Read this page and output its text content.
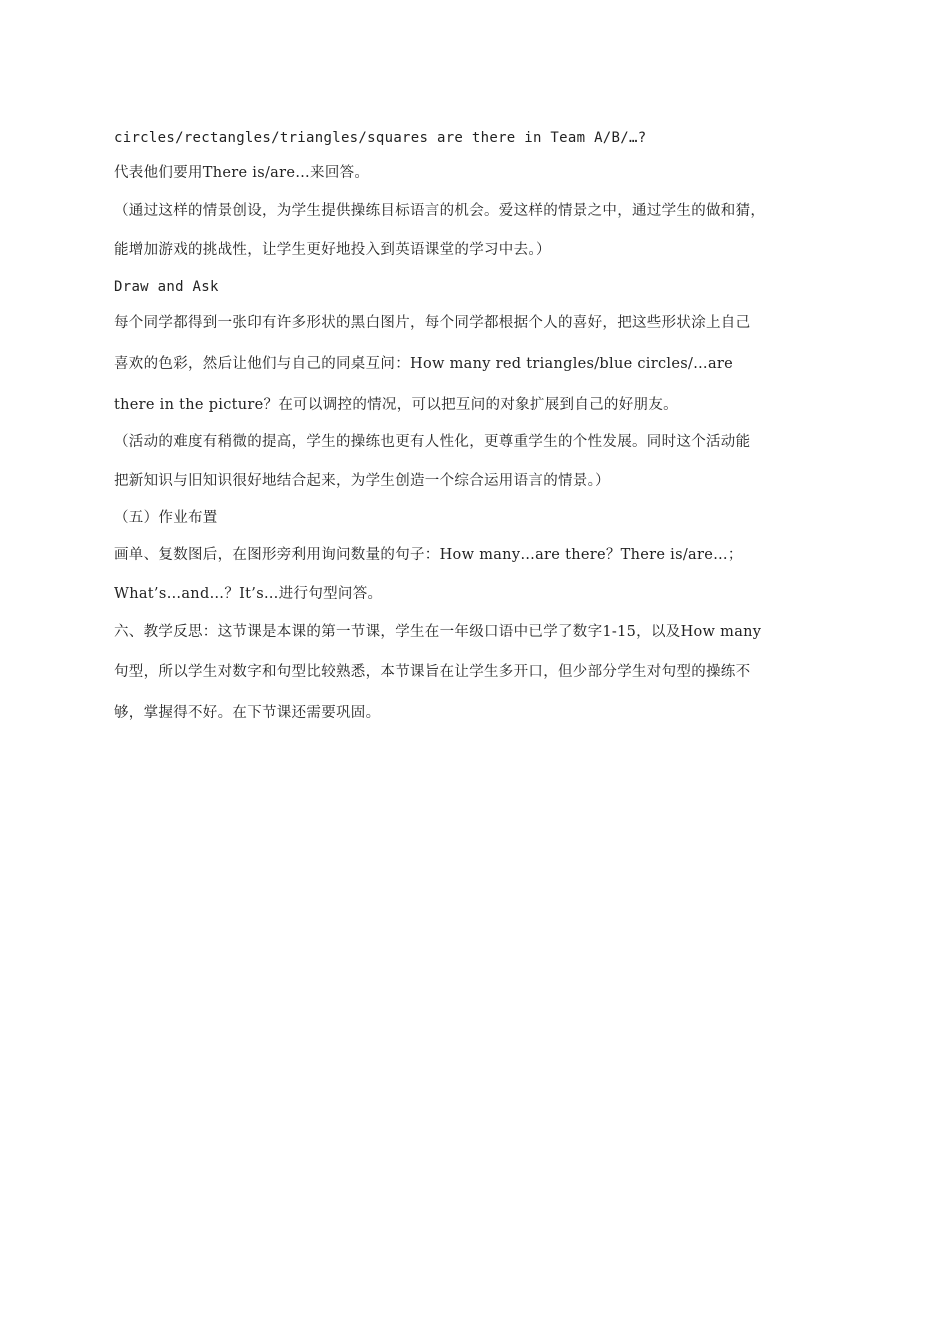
circles/rectangles/triangles/squares are there in Team A/B/…?
代表他们要用There is/are…来回答。
（通过这样的情景创设，为学生提供操练目标语言的机会。爱这样的情景之中，通过学生的做和猜，
能增加游戏的挑战性，让学生更好地投入到英语课堂的学习中去。）
Draw and Ask
每个同学都得到一张印有许多形状的黑白图片，每个同学都根据个人的喜好，把这些形状涂上自己
喜欢的色彩，然后让他们与自己的同桌互问：How many red triangles/blue circles/…are
there in the picture？在可以调控的情况，可以把互问的对象扩展到自己的好朋友。
（活动的难度有稍微的提高，学生的操练也更有人性化，更尊重学生的个性发展。同时这个活动能
把新知识与旧知识很好地结合起来，为学生创造一个综合运用语言的情景。）
（五）作业布置
画单、复数图后，在图形旁利用询问数量的句子：How many…are there？There is/are…；
What’s…and…？It’s…进行句型问答。
六、教学反思：这节课是本课的第一节课，学生在一年级口语中已学了数字1-15，以及How many
句型，所以学生对数字和句型比较熟悉，本节课旨在让学生多开口，但少部分学生对句型的操练不
够，掌握得不好。在下节课还需要巩固。
